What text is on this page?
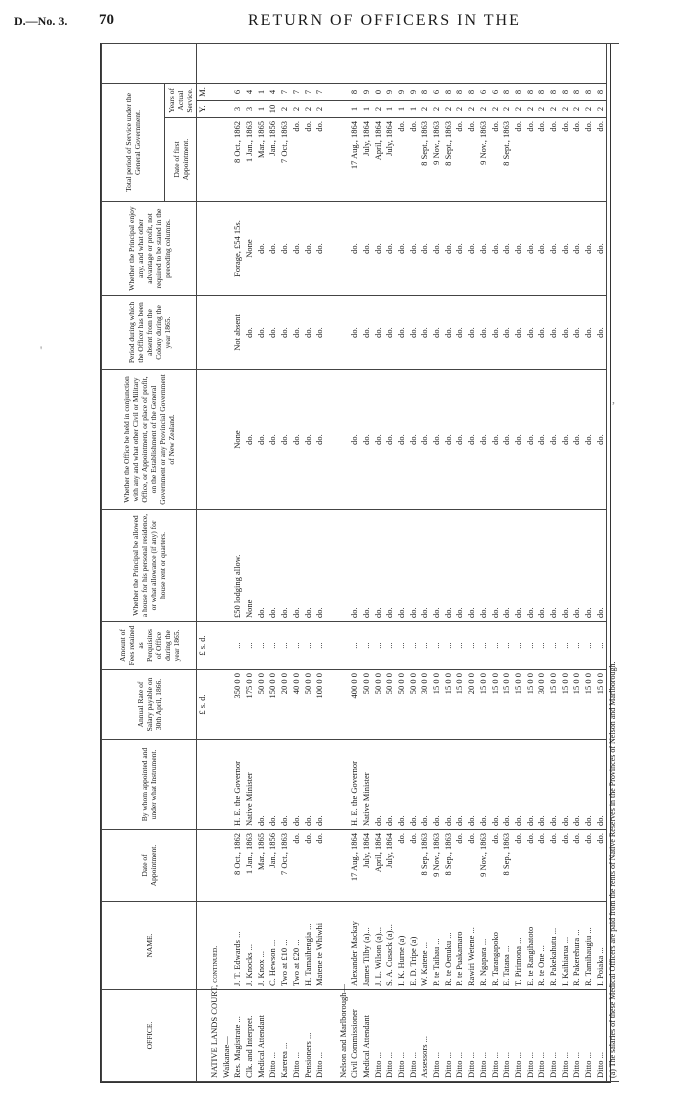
D.—No. 3. 70	RETURN OF OFFICERS IN THE
'
,
OFFICE.	NAME.	Date of Appointment.	By whom appointed and under what Instrument.	Annual Rate of Salary payable on 30th April, 1866.	Amount of Fees retained as Perquisites of Office during the year 1865.	Whether the Principal be allowed a house for his personal residence, or what allowance (if any) for house rent or quarters.	Whether the Office be held in conjunction with any and what other Civil or Military Office, or Appointment, or place of profit, on the Establishment of the General Government or any Provincial Government of New Zealand.	Period during which the Officer has been absent from the Colony during the year 1865.	Whether the Principal enjoy any, and what other advantage or profit, not required to be stated in the preceding columns.	Total period of Service under the General Government.			
										Date of first Appointment.	Years of Actual Service.		
				£ s. d.	£ s. d.						Y.	M.	
NATIVE LANDS COURT, continued.													
Waikanae—													
Res. Magistrate ...	J. T. Edwards ...	8 Oct., 1862	H. E. the Governor	350 0 0	...	£50 lodging allow.	None	Not absent	Forage, £54 15s.	8 Oct., 1862	3	6	
Clk. and Interpret.	J. Knocks ...	1 Jan., 1863	Native Minister	175 0 0	...	None	do.	do.	None	1 Jan., 1863	3	4	
Medical Attendant	J. Knox ...	Mar., 1865	do.	50 0 0	...	do.	do.	do.	do.	Mar., 1865	1	1	
Ditto ...	C. Hewson ...	Jan., 1856	do.	150 0 0	...	do.	do.	do.	do.	Jan., 1856	10	4	
Karerea ...	Two at £10 ...	7 Oct., 1863	do.	20 0 0	...	do.	do.	do.	do.	7 Oct., 1863	2	7	
Ditto ...	Two at £20 ...	do.	do.	40 0 0	...	do.	do.	do.	do.	do.	2	7	
Pensioners ...	H. Tamaihengia ...	do.	do.	50 0 0	...	do.	do.	do.	do.	do.	2	7	
Ditto ...	Matene te Whiwhi	do.	do.	100 0 0	...	do.	do.	do.	do.	do.	2	7	

Nelson and Marlborough—													
Civil Commissioner	Alexander Mackay	17 Aug., 1864	H. E. the Governor	400 0 0	...	do.	do.	do.	do.	17 Aug., 1864	1	8	
Medical Attendant	James Tilby (a)...	July, 1864	Native Minister	50 0 0	...	do.	do.	do.	do.	July, 1864	1	9	
Ditto ...	J. L. Wilson (a)...	April, 1864	do.	50 0 0	...	do.	do.	do.	do.	April, 1864	2	0	
Ditto ...	S. A. Cusack (a)...	July, 1864	do.	50 0 0	...	do.	do.	do.	do.	July, 1864	1	9	
Ditto ...	I. K. Hurne (a)	do.	do.	50 0 0	...	do.	do.	do.	do.	do.	1	9	
Ditto ...	E. D. Tripe (a)	do.	do.	50 0 0	...	do.	do.	do.	do.	do.	1	9	
Assessors ...	W. Katene ...	8 Sep., 1863	do.	30 0 0	...	do.	do.	do.	do.	8 Sept., 1863	2	8	
Ditto ...	P. te Taihau ...	9 Nov., 1863	do.	15 0 0	...	do.	do.	do.	do.	9 Nov., 1863	2	6	
Ditto ...	R. te Oenuku ...	8 Sep., 1863	do.	15 0 0	...	do.	do.	do.	do.	8 Sept., 1863	2	8	
Ditto ...	P. te Puakamaro	do.	do.	15 0 0	...	do.	do.	do.	do.	do.	2	8	
Ditto ...	Rawiri Wetene ...	do.	do.	20 0 0	...	do.	do.	do.	do.	do.	2	8	
Ditto ...	R. Ngapara ...	9 Nov., 1863	do.	15 0 0	...	do.	do.	do.	do.	9 Nov., 1863	2	6	
Ditto ...	R. Tarangapoko	do.	do.	15 0 0	...	do.	do.	do.	do.	do.	2	6	
Ditto ...	E. Tatana ...	8 Sep., 1863	do.	15 0 0	...	do.	do.	do.	do.	8 Sept., 1863	2	8	
Ditto ...	T. Pirimona ...	do.	do.	15 0 0	...	do.	do.	do.	do.	do.	2	8	
Ditto ...	E. te Rangihatoto	do.	do.	15 0 0	...	do.	do.	do.	do.	do.	2	8	
Ditto ...	R. te One ...	do.	do.	30 0 0	...	do.	do.	do.	do.	do.	2	8	
Ditto ...	R. Pakekahutu ...	do.	do.	15 0 0	...	do.	do.	do.	do.	do.	2	8	
Ditto ...	I. Kaihiarua ...	do.	do.	15 0 0	...	do.	do.	do.	do.	do.	2	8	
Ditto ...	R. Pakerehura ...	do.	do.	15 0 0	...	do.	do.	do.	do.	do.	2	8	
Ditto ...	R. Tamihaugiu ...	do.	do.	15 0 0	...	do.	do.	do.	do.	do.	2	8	
Ditto ...	I. Poiaka ...	do.	do.	15 0 0	...	do.	do.	do.	do.	do.	2	8	
(a) The salaries of these Medical Officers are paid from the rents of Native Reserves in the Provinces of Nelson and Marlborough.													
